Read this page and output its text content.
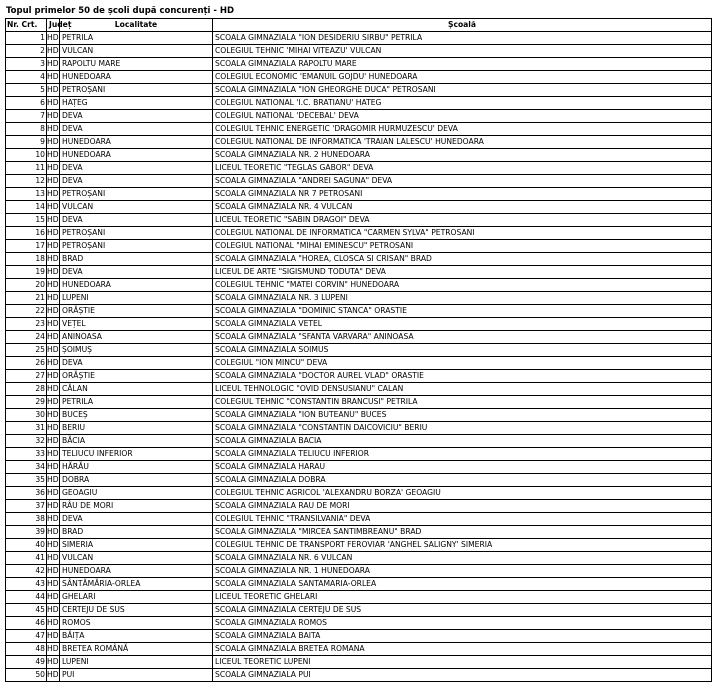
Topul primelor 50 de școli după concurenți - HD
Nr. Crt.	Județ	Localitate	Școală
1	HD	PETRILA	SCOALA GIMNAZIALA "ION DESIDERIU SIRBU" PETRILA
2	HD	VULCAN	COLEGIUL TEHNIC 'MIHAI VITEAZU' VULCAN
3	HD	RAPOLTU MARE	SCOALA GIMNAZIALA RAPOLTU MARE
4	HD	HUNEDOARA	COLEGIUL ECONOMIC 'EMANUIL GOJDU' HUNEDOARA
5	HD	PETROȘANI	SCOALA GIMNAZIALA "ION GHEORGHE DUCA" PETROSANI
6	HD	HAȚEG	COLEGIUL NATIONAL 'I.C. BRATIANU' HATEG
7	HD	DEVA	COLEGIUL NATIONAL 'DECEBAL' DEVA
8	HD	DEVA	COLEGIUL TEHNIC ENERGETIC 'DRAGOMIR HURMUZESCU' DEVA
9	HD	HUNEDOARA	COLEGIUL NATIONAL DE INFORMATICA 'TRAIAN LALESCU' HUNEDOARA
10	HD	HUNEDOARA	SCOALA GIMNAZIALA NR. 2 HUNEDOARA
11	HD	DEVA	LICEUL TEORETIC "TEGLAS GABOR" DEVA
12	HD	DEVA	SCOALA GIMNAZIALA "ANDREI SAGUNA" DEVA
13	HD	PETROȘANI	SCOALA GIMNAZIALA NR 7 PETROSANI
14	HD	VULCAN	SCOALA GIMNAZIALA NR. 4 VULCAN
15	HD	DEVA	LICEUL TEORETIC "SABIN DRAGOI" DEVA
16	HD	PETROȘANI	COLEGIUL NATIONAL DE INFORMATICA "CARMEN SYLVA" PETROSANI
17	HD	PETROȘANI	COLEGIUL NATIONAL "MIHAI EMINESCU" PETROSANI
18	HD	BRAD	SCOALA GIMNAZIALA "HOREA, CLOSCA SI CRISAN" BRAD
19	HD	DEVA	LICEUL DE ARTE "SIGISMUND TODUTA" DEVA
20	HD	HUNEDOARA	COLEGIUL TEHNIC "MATEI CORVIN" HUNEDOARA
21	HD	LUPENI	SCOALA GIMNAZIALA NR. 3 LUPENI
22	HD	ORĂȘTIE	SCOALA GIMNAZIALA "DOMINIC STANCA" ORASTIE
23	HD	VEȚEL	SCOALA GIMNAZIALA VETEL
24	HD	ANINOASA	SCOALA GIMNAZIALA "SFANTA VARVARA" ANINOASA
25	HD	ȘOIMUȘ	SCOALA GIMNAZIALA SOIMUS
26	HD	DEVA	COLEGIUL "ION MINCU" DEVA
27	HD	ORĂȘTIE	SCOALA GIMNAZIALA "DOCTOR AUREL VLAD" ORASTIE
28	HD	CĂLAN	LICEUL TEHNOLOGIC "OVID DENSUSIANU" CALAN
29	HD	PETRILA	COLEGIUL TEHNIC "CONSTANTIN BRANCUSI" PETRILA
30	HD	BUCEȘ	SCOALA GIMNAZIALA "ION BUTEANU" BUCES
31	HD	BERIU	SCOALA GIMNAZIALA "CONSTANTIN DAICOVICIU" BERIU
32	HD	BĂCIA	SCOALA GIMNAZIALA BACIA
33	HD	TELIUCU INFERIOR	SCOALA GIMNAZIALA TELIUCU INFERIOR
34	HD	HĂRĂU	SCOALA GIMNAZIALA HARAU
35	HD	DOBRA	SCOALA GIMNAZIALA DOBRA
36	HD	GEOAGIU	COLEGIUL TEHNIC AGRICOL 'ALEXANDRU BORZA' GEOAGIU
37	HD	RÂU DE MORI	SCOALA GIMNAZIALA RAU DE MORI
38	HD	DEVA	COLEGIUL TEHNIC "TRANSILVANIA" DEVA
39	HD	BRAD	SCOALA GIMNAZIALA "MIRCEA SANTIMBREANU" BRAD
40	HD	SIMERIA	COLEGIUL TEHNIC DE TRANSPORT FEROVIAR 'ANGHEL SALIGNY' SIMERIA
41	HD	VULCAN	SCOALA GIMNAZIALA NR. 6 VULCAN
42	HD	HUNEDOARA	SCOALA GIMNAZIALA NR. 1 HUNEDOARA
43	HD	SÂNTĂMĂRIA-ORLEA	SCOALA GIMNAZIALA SANTAMARIA-ORLEA
44	HD	GHELARI	LICEUL TEORETIC GHELARI
45	HD	CERTEJU DE SUS	SCOALA GIMNAZIALA CERTEJU DE SUS
46	HD	ROMOS	SCOALA GIMNAZIALA ROMOS
47	HD	BĂIȚA	SCOALA GIMNAZIALA BAITA
48	HD	BRETEA ROMÂNĂ	SCOALA GIMNAZIALA BRETEA ROMANA
49	HD	LUPENI	LICEUL TEORETIC LUPENI
50	HD	PUI	SCOALA GIMNAZIALA PUI
